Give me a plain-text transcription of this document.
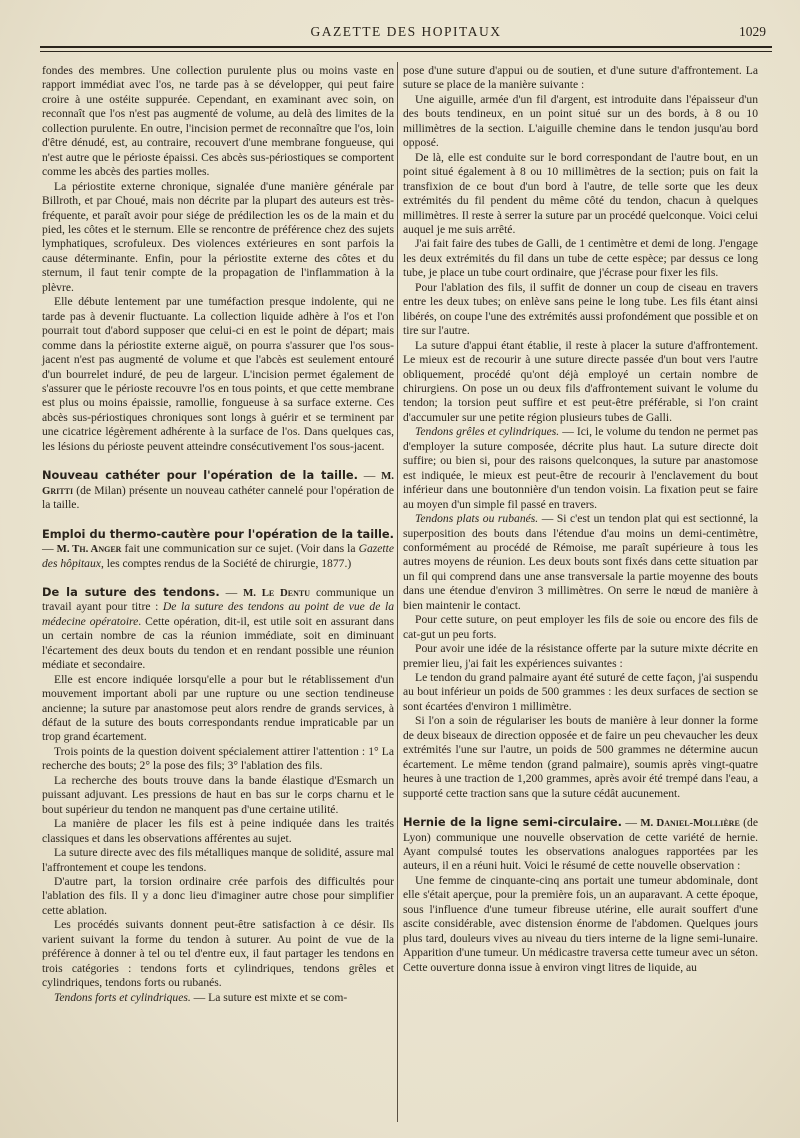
GAZETTE DES HOPITAUX	1029

fondes des membres. Une collection purulente plus ou moins vaste en rapport immédiat avec l'os, ne tarde pas à se développer, qui peut faire croire à une ostéite suppurée. Cependant, en examinant avec soin, on reconnaît que l'os n'est pas augmenté de volume, au delà des limites de la collection purulente. En outre, l'incision permet de reconnaître que l'os, loin d'être dénudé, est, au contraire, recouvert d'une membrane fongueuse, qui n'est autre que le périoste épaissi. Ces abcès sus-périostiques se comportent comme les abcès des parties molles.

La périostite externe chronique, signalée d'une manière générale par Billroth, et par Choué, mais non décrite par la plupart des auteurs est très-fréquente, et paraît avoir pour siége de prédilection les os de la main et du pied, les côtes et le sternum. Elle se rencontre de préférence chez des sujets lymphatiques, scrofuleux. Des violences extérieures en sont parfois la cause déterminante. Enfin, pour la périostite externe des côtes et du sternum, il faut tenir compte de la propagation de l'inflammation à la plèvre.

Elle débute lentement par une tuméfaction presque indolente, qui ne tarde pas à devenir fluctuante. La collection liquide adhère à l'os et l'on pourrait tout d'abord supposer que celui-ci en est le point de départ; mais comme dans la périostite externe aiguë, on pourra s'assurer que l'os sous-jacent n'est pas augmenté de volume et que l'abcès est seulement entouré d'un bourrelet induré, de peu de largeur. L'incision permet également de s'assurer que le périoste recouvre l'os en tous points, et que cette membrane est plus ou moins épaissie, ramollie, fongueuse à sa surface externe. Ces abcès sus-périostiques chroniques sont longs à guérir et se terminent par une cicatrice légèrement adhérente à la surface de l'os. Dans quelques cas, les lésions du périoste peuvent atteindre consécutivement l'os sous-jacent.

Nouveau cathéter pour l'opération de la taille. — M. Gritti (de Milan) présente un nouveau cathéter cannelé pour l'opération de la taille.

Emploi du thermo-cautère pour l'opération de la taille. — M. Th. Anger fait une communication sur ce sujet. (Voir dans la Gazette des hôpitaux, les comptes rendus de la Société de chirurgie, 1877.)

De la suture des tendons. — M. Le Dentu communique un travail ayant pour titre : De la suture des tendons au point de vue de la médecine opératoire. Cette opération, dit-il, est utile soit en assurant dans un certain nombre de cas la réunion immédiate, soit en diminuant l'écartement des deux bouts du tendon et en rendant possible une réunion médiate et secondaire.

Elle est encore indiquée lorsqu'elle a pour but le rétablissement d'un mouvement important aboli par une rupture ou une section tendineuse ancienne; la suture par anastomose peut alors rendre de grands services, à défaut de la suture des bouts correspondants rendue impraticable par un trop grand écartement.

Trois points de la question doivent spécialement attirer l'attention : 1° La recherche des bouts; 2° la pose des fils; 3° l'ablation des fils.

La recherche des bouts trouve dans la bande élastique d'Esmarch un puissant adjuvant. Les pressions de haut en bas sur le corps charnu et le bout supérieur du tendon ne manquent pas d'une certaine utilité.

La manière de placer les fils est à peine indiquée dans les traités classiques et dans les observations afférentes au sujet.

La suture directe avec des fils métalliques manque de solidité, assure mal l'affrontement et coupe les tendons.

D'autre part, la torsion ordinaire crée parfois des difficultés pour l'ablation des fils. Il y a donc lieu d'imaginer autre chose pour simplifier cette ablation.

Les procédés suivants donnent peut-être satisfaction à ce désir. Ils varient suivant la forme du tendon à suturer. Au point de vue de la préférence à donner à tel ou tel d'entre eux, il faut partager les tendons en trois catégories : tendons forts et cylindriques, tendons grêles et cylindriques, tendons forts ou rubanés.

Tendons forts et cylindriques. — La suture est mixte et se com-

pose d'une suture d'appui ou de soutien, et d'une suture d'affrontement. La suture se place de la manière suivante :

Une aiguille, armée d'un fil d'argent, est introduite dans l'épaisseur d'un des bouts tendineux, en un point situé sur un des bords, à 8 ou 10 millimètres de la section. L'aiguille chemine dans le tendon jusqu'au bord opposé.

De là, elle est conduite sur le bord correspondant de l'autre bout, en un point situé également à 8 ou 10 millimètres de la section; puis on fait la transfixion de ce bout d'un bord à l'autre, de telle sorte que les deux extrémités du fil pendent du même côté du tendon, chacun à quelques millimètres. Il reste à serrer la suture par un procédé quelconque. Voici celui auquel je me suis arrêté.

J'ai fait faire des tubes de Galli, de 1 centimètre et demi de long. J'engage les deux extrémités du fil dans un tube de cette espèce; par dessus ce long tube, je place un tube court ordinaire, que j'écrase pour fixer les fils.

Pour l'ablation des fils, il suffit de donner un coup de ciseau en travers entre les deux tubes; on enlève sans peine le long tube. Les fils étant ainsi libérés, on coupe l'une des extrémités aussi profondément que possible et on tire sur l'autre.

La suture d'appui étant établie, il reste à placer la suture d'affrontement. Le mieux est de recourir à une suture directe passée d'un bout vers l'autre obliquement, procédé qu'ont déjà employé un certain nombre de chirurgiens. On pose un ou deux fils d'affrontement suivant le volume du tendon; la torsion peut suffire et est peut-être préférable, si l'on craint d'accumuler sur une petite région plusieurs tubes de Galli.

Tendons grêles et cylindriques. — Ici, le volume du tendon ne permet pas d'employer la suture composée, décrite plus haut. La suture directe doit suffire; ou bien si, pour des raisons quelconques, la suture par anastomose est indiquée, le mieux est peut-être de recourir à l'enclavement du bout inférieur dans une boutonnière d'un tendon voisin. La fixation peut se faire au moyen d'un simple fil passé en travers.

Tendons plats ou rubanés. — Si c'est un tendon plat qui est sectionné, la superposition des bouts dans l'étendue d'au moins un demi-centimètre, conformément au procédé de Rémoise, me paraît supérieure à tous les autres moyens de réunion. Les deux bouts sont fixés dans cette situation par un fil qui comprend dans une anse transversale la partie moyenne des bouts dans une étendue d'environ 3 millimètres. On serre le nœud de manière à bien maintenir le contact.

Pour cette suture, on peut employer les fils de soie ou encore des fils de cat-gut un peu forts.

Pour avoir une idée de la résistance offerte par la suture mixte décrite en premier lieu, j'ai fait les expériences suivantes :

Le tendon du grand palmaire ayant été suturé de cette façon, j'ai suspendu au bout inférieur un poids de 500 grammes : les deux surfaces de section se sont écartées d'environ 1 millimètre.

Si l'on a soin de régulariser les bouts de manière à leur donner la forme de deux biseaux de direction opposée et de faire un peu chevaucher les deux extrémités l'une sur l'autre, un poids de 500 grammes ne détermine aucun écartement. Le même tendon (grand palmaire), soumis après vingt-quatre heures à une traction de 1,200 grammes, après avoir été trempé dans l'eau, a supporté cette traction sans que la suture cédât aucunement.

Hernie de la ligne semi-circulaire. — M. Daniel-Mollière (de Lyon) communique une nouvelle observation de cette variété de hernie. Ayant compulsé toutes les observations analogues rapportées par les auteurs, il en a réuni huit. Voici le résumé de cette nouvelle observation :

Une femme de cinquante-cinq ans portait une tumeur abdominale, dont elle s'était aperçue, pour la première fois, un an auparavant. A cette époque, sous l'influence d'une tumeur fibreuse utérine, elle aurait souffert d'une ascite considérable, avec distension énorme de l'abdomen. Quelques jours plus tard, douleurs vives au niveau du tiers interne de la ligne semi-lunaire. Apparition d'une tumeur. Un médicastre traversa cette tumeur avec un séton. Cette ouverture donna issue à environ vingt litres de liquide, au
